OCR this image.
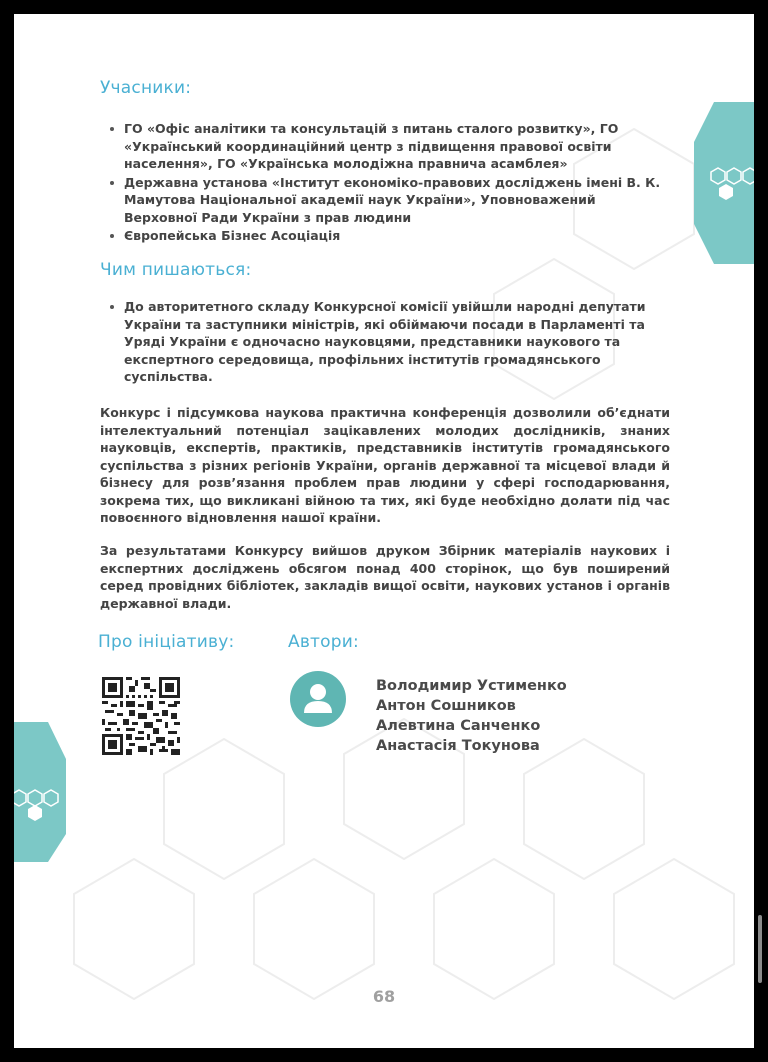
Учасники:
ГО «Офіс аналітики та консультацій з питань сталого розвитку», ГО «Український координаційний центр з підвищення правової освіти населення», ГО «Українська молодіжна правнича асамблея»
Державна установа «Інститут економіко-правових досліджень імені В. К. Мамутова Національної академії наук України», Уповноважений Верховної Ради України з прав людини
Європейська Бізнес Асоціація
Чим пишаються:
До авторитетного складу Конкурсної комісії увійшли народні депутати України та заступники міністрів, які обіймаючи посади в Парламенті та Уряді України є одночасно науковцями, представники наукового та експертного середовища, профільних інститутів громадянського суспільства.

Конкурс і підсумкова наукова практична конференція дозволили об’єднати інтелектуальний потенціал зацікавлених молодих дослідників, знаних науковців, експертів, практиків, представників інститутів громадянського суспільства з різних регіонів України, органів державної та місцевої влади й бізнесу для розв’язання проблем прав людини у сфері господарювання, зокрема тих, що викликані війною та тих, які буде необхідно долати під час повоєнного відновлення нашої країни.

За результатами Конкурсу вийшов друком Збірник матеріалів наукових і експертних досліджень обсягом понад 400 сторінок, що був поширений серед провідних бібліотек, закладів вищої освіти, наукових установ і органів державної влади.

Про ініціативу:	Автори:
Володимир Устименко
Антон Сошников
Алевтина Санченко
Анастасія Токунова
68
